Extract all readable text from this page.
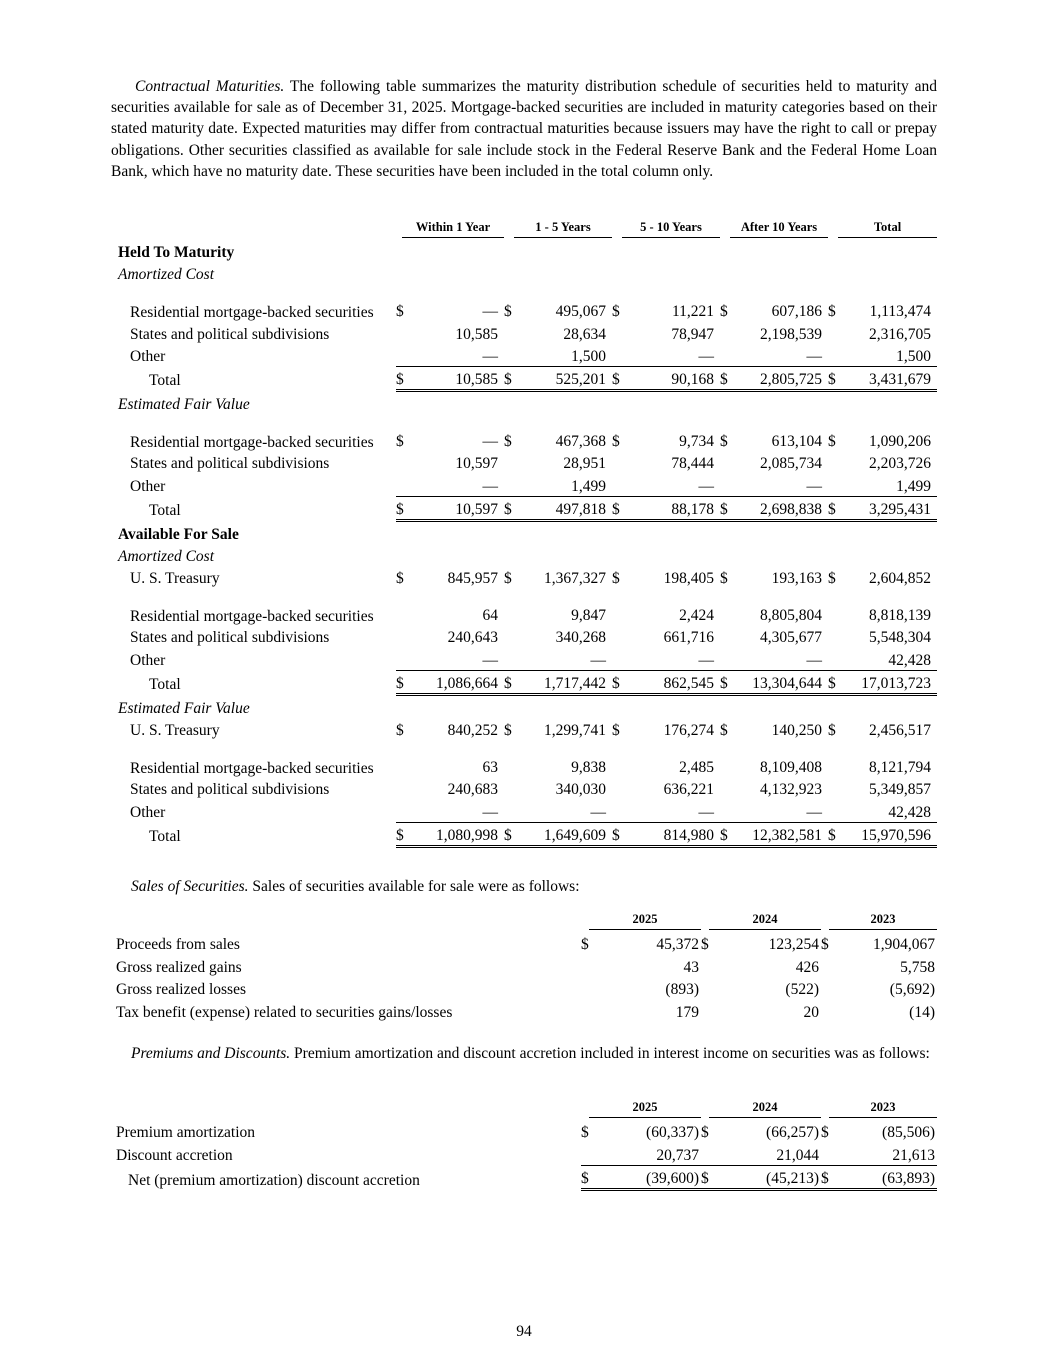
Contractual Maturities. The following table summarizes the maturity distribution schedule of securities held to maturity and securities available for sale as of December 31, 2025. Mortgage-backed securities are included in maturity categories based on their stated maturity date. Expected maturities may differ from contractual maturities because issuers may have the right to call or prepay obligations. Other securities classified as available for sale include stock in the Federal Reserve Bank and the Federal Home Loan Bank, which have no maturity date. These securities have been included in the total column only.

	Within 1 Year		1 - 5 Years		5 - 10 Years		After 10 Years		Total	

Held To Maturity										
Amortized Cost										

Residential mortgage-backed securities	$	—	$	495,067	$	11,221	$	607,186	$	1,113,474
States and political subdivisions		10,585		28,634		78,947		2,198,539		2,316,705
Other		—		1,500		—		—		1,500
Total	$	10,585	$	525,201	$	90,168	$	2,805,725	$	3,431,679
Estimated Fair Value										

Residential mortgage-backed securities	$	—	$	467,368	$	9,734	$	613,104	$	1,090,206
States and political subdivisions		10,597		28,951		78,444		2,085,734		2,203,726
Other		—		1,499		—		—		1,499
Total	$	10,597	$	497,818	$	88,178	$	2,698,838	$	3,295,431
Available For Sale										
Amortized Cost										
U. S. Treasury	$	845,957	$	1,367,327	$	198,405	$	193,163	$	2,604,852

Residential mortgage-backed securities		64		9,847		2,424		8,805,804		8,818,139
States and political subdivisions		240,643		340,268		661,716		4,305,677		5,548,304
Other		—		—		—		—		42,428
Total	$	1,086,664	$	1,717,442	$	862,545	$	13,304,644	$	17,013,723
Estimated Fair Value										
U. S. Treasury	$	840,252	$	1,299,741	$	176,274	$	140,250	$	2,456,517

Residential mortgage-backed securities		63		9,838		2,485		8,109,408		8,121,794
States and political subdivisions		240,683		340,030		636,221		4,132,923		5,349,857
Other		—		—		—		—		42,428
Total	$	1,080,998	$	1,649,609	$	814,980	$	12,382,581	$	15,970,596

Sales of Securities. Sales of securities available for sale were as follows:

	2025		2024		2023	

Proceeds from sales	$	45,372	$	123,254	$	1,904,067
Gross realized gains		43		426		5,758
Gross realized losses		(893)		(522)		(5,692)
Tax benefit (expense) related to securities gains/losses		179		20		(14)

Premiums and Discounts. Premium amortization and discount accretion included in interest income on securities was as follows:

	2025		2024		2023	

Premium amortization	$	(60,337)	$	(66,257)	$	(85,506)
Discount accretion		20,737		21,044		21,613
Net (premium amortization) discount accretion	$	(39,600)	$	(45,213)	$	(63,893)
94
